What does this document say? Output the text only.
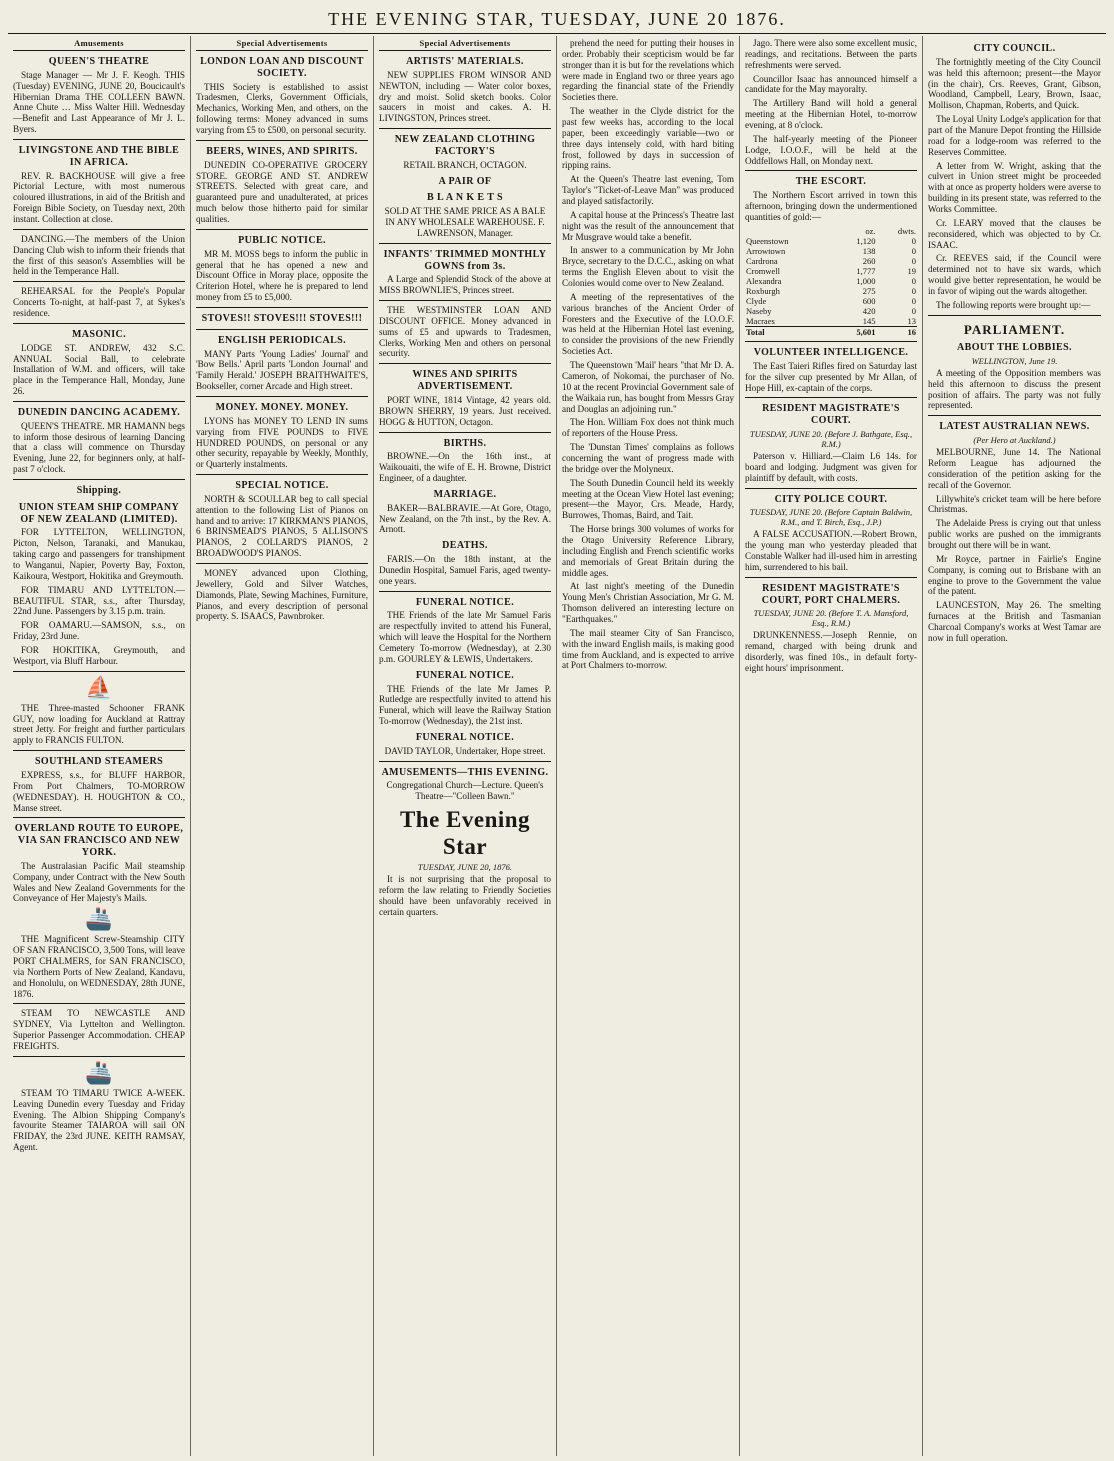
THE EVENING STAR, TUESDAY, JUNE 20 1876.
Amusements
QUEEN'S THEATRE

Stage Manager — Mr J. F. Keogh. THIS (Tuesday) EVENING, JUNE 20, Boucicault's Hibernian Drama THE COLLEEN BAWN. Anne Chute … Miss Walter Hill. Wednesday—Benefit and Last Appearance of Mr J. L. Byers.

LIVINGSTONE AND THE BIBLE IN AFRICA.

REV. R. BACKHOUSE will give a free Pictorial Lecture, with most numerous coloured illustrations, in aid of the British and Foreign Bible Society, on Tuesday next, 20th instant. Collection at close.

DANCING.—The members of the Union Dancing Club wish to inform their friends that the first of this season's Assemblies will be held in the Temperance Hall.

REHEARSAL for the People's Popular Concerts To-night, at half-past 7, at Sykes's residence.

MASONIC.

LODGE ST. ANDREW, 432 S.C. ANNUAL Social Ball, to celebrate Installation of W.M. and officers, will take place in the Temperance Hall, Monday, June 26.

DUNEDIN DANCING ACADEMY.

QUEEN'S THEATRE. MR HAMANN begs to inform those desirous of learning Dancing that a class will commence on Thursday Evening, June 22, for beginners only, at half-past 7 o'clock.

Shipping.
UNION STEAM SHIP COMPANY OF NEW ZEALAND (LIMITED).

FOR LYTTELTON, WELLINGTON, Picton, Nelson, Taranaki, and Manukau, taking cargo and passengers for transhipment to Wanganui, Napier, Poverty Bay, Foxton, Kaikoura, Westport, Hokitika and Greymouth.

FOR TIMARU AND LYTTELTON.—BEAUTIFUL STAR, s.s., after Thursday, 22nd June. Passengers by 3.15 p.m. train.

FOR OAMARU.—SAMSON, s.s., on Friday, 23rd June.

FOR HOKITIKA, Greymouth, and Westport, via Bluff Harbour.

⛵

THE Three-masted Schooner FRANK GUY, now loading for Auckland at Rattray street Jetty. For freight and further particulars apply to FRANCIS FULTON.

SOUTHLAND STEAMERS

EXPRESS, s.s., for BLUFF HARBOR, From Port Chalmers, TO-MORROW (WEDNESDAY). H. HOUGHTON & CO., Manse street.

OVERLAND ROUTE TO EUROPE, VIA SAN FRANCISCO AND NEW YORK.

The Australasian Pacific Mail steamship Company, under Contract with the New South Wales and New Zealand Governments for the Conveyance of Her Majesty's Mails.

🚢

THE Magnificent Screw-Steamship CITY OF SAN FRANCISCO, 3,500 Tons, will leave PORT CHALMERS, for SAN FRANCISCO, via Northern Ports of New Zealand, Kandavu, and Honolulu, on WEDNESDAY, 28th JUNE, 1876.

STEAM TO NEWCASTLE AND SYDNEY, Via Lyttelton and Wellington. Superior Passenger Accommodation. CHEAP FREIGHTS.

🚢

STEAM TO TIMARU TWICE A-WEEK. Leaving Dunedin every Tuesday and Friday Evening. The Albion Shipping Company's favourite Steamer TAIAROA will sail ON FRIDAY, the 23rd JUNE. KEITH RAMSAY, Agent.

Special Advertisements
LONDON LOAN AND DISCOUNT SOCIETY.

THIS Society is established to assist Tradesmen, Clerks, Government Officials, Mechanics, Working Men, and others, on the following terms: Money advanced in sums varying from £5 to £500, on personal security.

BEERS, WINES, AND SPIRITS.

DUNEDIN CO-OPERATIVE GROCERY STORE. GEORGE AND ST. ANDREW STREETS. Selected with great care, and guaranteed pure and unadulterated, at prices much below those hitherto paid for similar qualities.

PUBLIC NOTICE.

MR M. MOSS begs to inform the public in general that he has opened a new and Discount Office in Moray place, opposite the Criterion Hotel, where he is prepared to lend money from £5 to £5,000.

STOVES!! STOVES!!! STOVES!!!
ENGLISH PERIODICALS.

MANY Parts 'Young Ladies' Journal' and 'Bow Bells.' April parts 'London Journal' and 'Family Herald.' JOSEPH BRAITHWAITE'S, Bookseller, corner Arcade and High street.

MONEY. MONEY. MONEY.

LYONS has MONEY TO LEND IN sums varying from FIVE POUNDS to FIVE HUNDRED POUNDS, on personal or any other security, repayable by Weekly, Monthly, or Quarterly instalments.

SPECIAL NOTICE.

NORTH & SCOULLAR beg to call special attention to the following List of Pianos on hand and to arrive: 17 KIRKMAN'S PIANOS, 6 BRINSMEAD'S PIANOS, 5 ALLISON'S PIANOS, 2 COLLARD'S PIANOS, 2 BROADWOOD'S PIANOS.

MONEY advanced upon Clothing, Jewellery, Gold and Silver Watches, Diamonds, Plate, Sewing Machines, Furniture, Pianos, and every description of personal property. S. ISAACS, Pawnbroker.

Special Advertisements
ARTISTS' MATERIALS.

NEW SUPPLIES FROM WINSOR AND NEWTON, including — Water color boxes, dry and moist. Solid sketch books. Color saucers in moist and cakes. A. H. LIVINGSTON, Princes street.

NEW ZEALAND CLOTHING FACTORY'S

RETAIL BRANCH, OCTAGON.

A PAIR OF
B L A N K E T S

SOLD AT THE SAME PRICE AS A BALE IN ANY WHOLESALE WAREHOUSE. F. LAWRENSON, Manager.

INFANTS' TRIMMED MONTHLY GOWNS from 3s.

A Large and Splendid Stock of the above at MISS BROWNLIE'S, Princes street.

THE WESTMINSTER LOAN AND DISCOUNT OFFICE. Money advanced in sums of £5 and upwards to Tradesmen, Clerks, Working Men and others on personal security.

WINES AND SPIRITS ADVERTISEMENT.

PORT WINE, 1814 Vintage, 42 years old. BROWN SHERRY, 19 years. Just received. HOGG & HUTTON, Octagon.

BIRTHS.

BROWNE.—On the 16th inst., at Waikouaiti, the wife of E. H. Browne, District Engineer, of a daughter.

MARRIAGE.

BAKER—BALBRAVIE.—At Gore, Otago, New Zealand, on the 7th inst., by the Rev. A. Arnott.

DEATHS.

FARIS.—On the 18th instant, at the Dunedin Hospital, Samuel Faris, aged twenty-one years.

FUNERAL NOTICE.

THE Friends of the late Mr Samuel Faris are respectfully invited to attend his Funeral, which will leave the Hospital for the Northern Cemetery To-morrow (Wednesday), at 2.30 p.m. GOURLEY & LEWIS, Undertakers.

FUNERAL NOTICE.

THE Friends of the late Mr James P. Rutledge are respectfully invited to attend his Funeral, which will leave the Railway Station To-morrow (Wednesday), the 21st inst.

FUNERAL NOTICE.

DAVID TAYLOR, Undertaker, Hope street.

AMUSEMENTS—THIS EVENING.

Congregational Church—Lecture. Queen's Theatre—"Colleen Bawn."

The Evening Star
TUESDAY, JUNE 20, 1876.

It is not surprising that the proposal to reform the law relating to Friendly Societies should have been unfavorably received in certain quarters.

prehend the need for putting their houses in order. Probably their scepticism would be far stronger than it is but for the revelations which were made in England two or three years ago regarding the financial state of the Friendly Societies there.

The weather in the Clyde district for the past few weeks has, according to the local paper, been exceedingly variable—two or three days intensely cold, with hard biting frost, followed by days in succession of ripping rains.

At the Queen's Theatre last evening, Tom Taylor's "Ticket-of-Leave Man" was produced and played satisfactorily.

A capital house at the Princess's Theatre last night was the result of the announcement that Mr Musgrave would take a benefit.

In answer to a communication by Mr John Bryce, secretary to the D.C.C., asking on what terms the English Eleven about to visit the Colonies would come over to New Zealand.

A meeting of the representatives of the various branches of the Ancient Order of Foresters and the Executive of the I.O.O.F. was held at the Hibernian Hotel last evening, to consider the provisions of the new Friendly Societies Act.

The Queenstown 'Mail' hears "that Mr D. A. Cameron, of Nokomai, the purchaser of No. 10 at the recent Provincial Government sale of the Waikaia run, has bought from Messrs Gray and Douglas an adjoining run."

The Hon. William Fox does not think much of reporters of the House Press.

The 'Dunstan Times' complains as follows concerning the want of progress made with the bridge over the Molyneux.

The South Dunedin Council held its weekly meeting at the Ocean View Hotel last evening; present—the Mayor, Crs. Meade, Hardy, Burrowes, Thomas, Baird, and Tait.

The Horse brings 300 volumes of works for the Otago University Reference Library, including English and French scientific works and memorials of Great Britain during the middle ages.

At last night's meeting of the Dunedin Young Men's Christian Association, Mr G. M. Thomson delivered an interesting lecture on "Earthquakes."

The mail steamer City of San Francisco, with the inward English mails, is making good time from Auckland, and is expected to arrive at Port Chalmers to-morrow.

Jago. There were also some excellent music, readings, and recitations. Between the parts refreshments were served.

Councillor Isaac has announced himself a candidate for the May mayoralty.

The Artillery Band will hold a general meeting at the Hibernian Hotel, to-morrow evening, at 8 o'clock.

The half-yearly meeting of the Pioneer Lodge, I.O.O.F., will be held at the Oddfellows Hall, on Monday next.

THE ESCORT.

The Northern Escort arrived in town this afternoon, bringing down the undermentioned quantities of gold:—

	oz.	dwts.
Queenstown	1,120	0
Arrowtown	138	0
Cardrona	260	0
Cromwell	1,777	19
Alexandra	1,000	0
Roxburgh	275	0
Clyde	600	0
Naseby	420	0
Macraes	145	13
Total	5,601	16
VOLUNTEER INTELLIGENCE.

The East Taieri Rifles fired on Saturday last for the silver cup presented by Mr Allan, of Hope Hill, ex-captain of the corps.

RESIDENT MAGISTRATE'S COURT.
TUESDAY, JUNE 20. (Before J. Bathgate, Esq., R.M.)

Paterson v. Hilliard.—Claim L6 14s. for board and lodging. Judgment was given for plaintiff by default, with costs.

CITY POLICE COURT.
TUESDAY, JUNE 20. (Before Captain Baldwin, R.M., and T. Birch, Esq., J.P.)

A FALSE ACCUSATION.—Robert Brown, the young man who yesterday pleaded that Constable Walker had ill-used him in arresting him, surrendered to his bail.

RESIDENT MAGISTRATE'S COURT, PORT CHALMERS.
TUESDAY, JUNE 20. (Before T. A. Mansford, Esq., R.M.)

DRUNKENNESS.—Joseph Rennie, on remand, charged with being drunk and disorderly, was fined 10s., in default forty-eight hours' imprisonment.

CITY COUNCIL.

The fortnightly meeting of the City Council was held this afternoon; present—the Mayor (in the chair), Crs. Reeves, Grant, Gibson, Woodland, Campbell, Leary, Brown, Isaac, Mollison, Chapman, Roberts, and Quick.

The Loyal Unity Lodge's application for that part of the Manure Depot fronting the Hillside road for a lodge-room was referred to the Reserves Committee.

A letter from W. Wright, asking that the culvert in Union street might be proceeded with at once as property holders were averse to building in its present state, was referred to the Works Committee.

Cr. LEARY moved that the clauses be reconsidered, which was objected to by Cr. ISAAC.

Cr. REEVES said, if the Council were determined not to have six wards, which would give better representation, he would be in favor of wiping out the wards altogether.

The following reports were brought up:—

PARLIAMENT.
ABOUT THE LOBBIES.
WELLINGTON, June 19.

A meeting of the Opposition members was held this afternoon to discuss the present position of affairs. The party was not fully represented.

LATEST AUSTRALIAN NEWS.
(Per Hero at Auckland.)

MELBOURNE, June 14. The National Reform League has adjourned the consideration of the petition asking for the recall of the Governor.

Lillywhite's cricket team will be here before Christmas.

The Adelaide Press is crying out that unless public works are pushed on the immigrants brought out there will be in want.

Mr Royce, partner in Fairlie's Engine Company, is coming out to Brisbane with an engine to prove to the Government the value of the patent.

LAUNCESTON, May 26. The smelting furnaces at the British and Tasmanian Charcoal Company's works at West Tamar are now in full operation.
